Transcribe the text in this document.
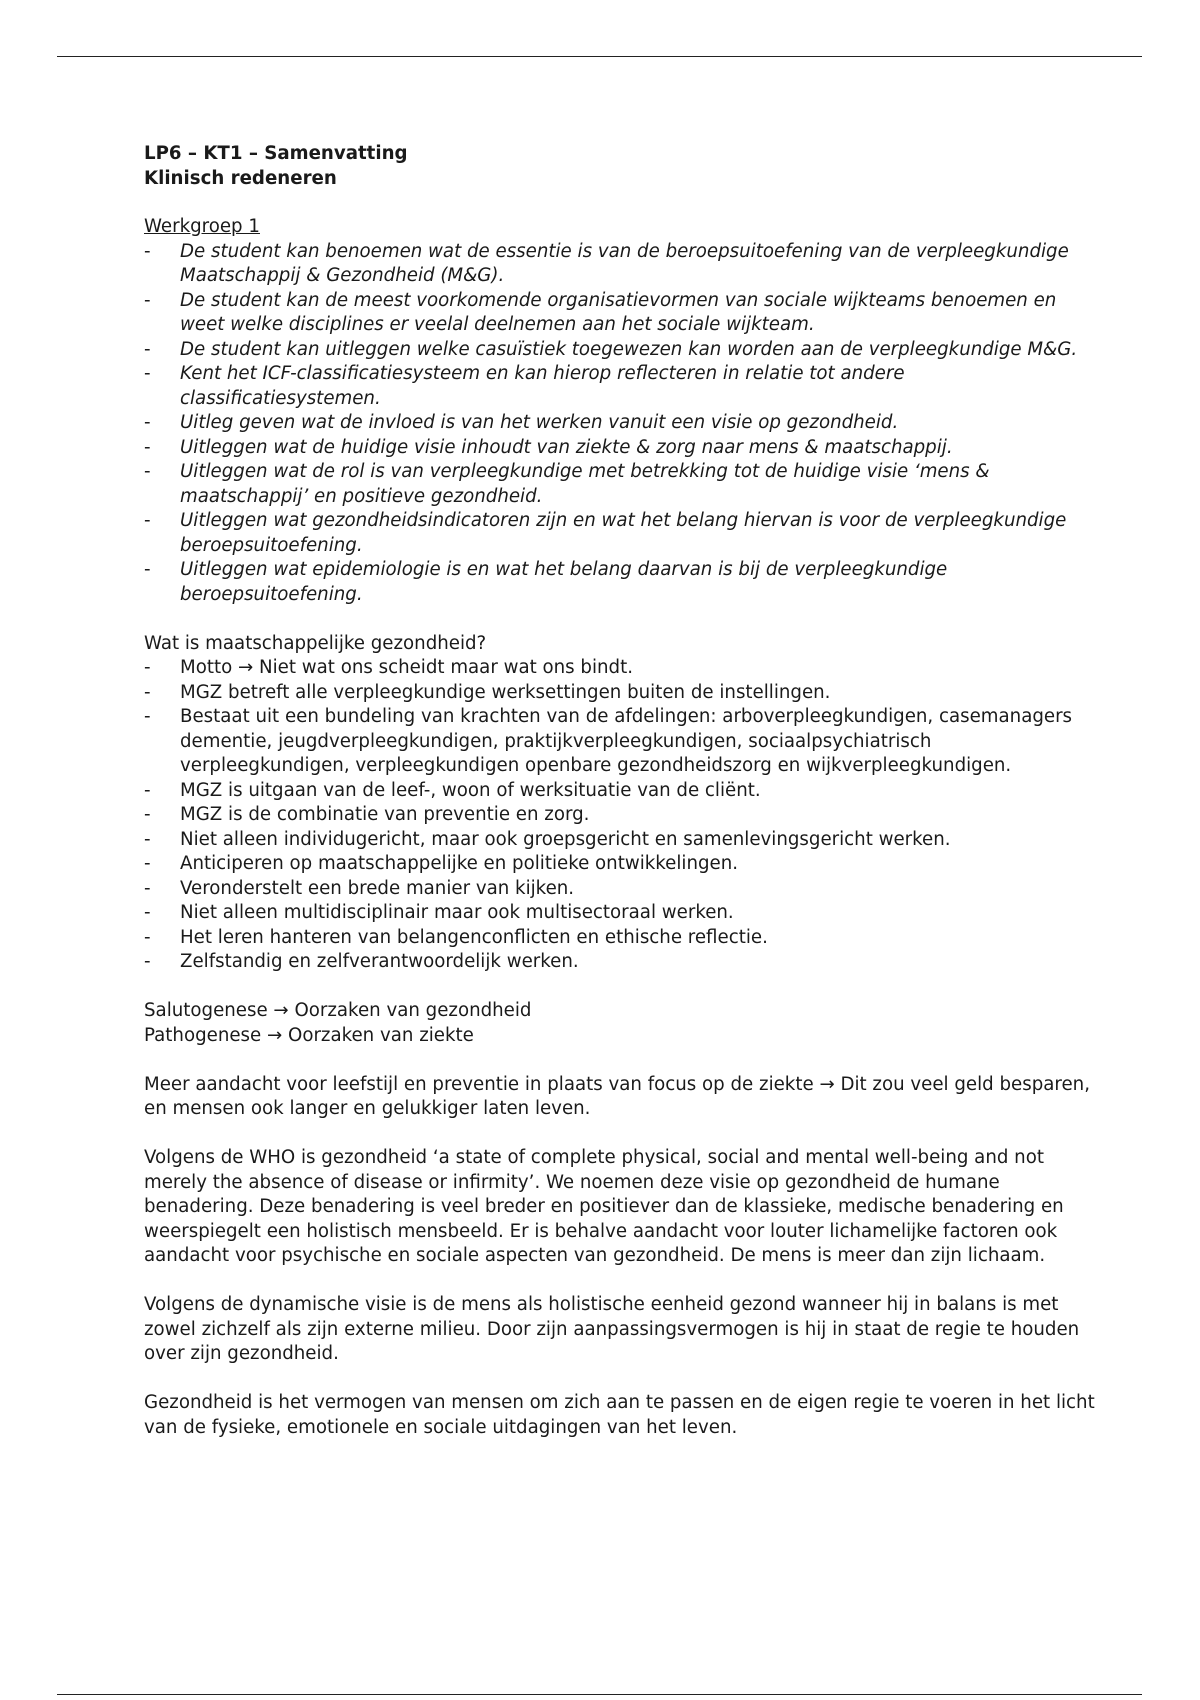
LP6 – KT1 – Samenvatting

Klinisch redeneren

Werkgroep 1

-	De student kan benoemen wat de essentie is van de beroepsuitoefening van de verpleegkundige Maatschappij & Gezondheid (M&G).
-	De student kan de meest voorkomende organisatievormen van sociale wijkteams benoemen en weet welke disciplines er veelal deelnemen aan het sociale wijkteam.
-	De student kan uitleggen welke casuïstiek toegewezen kan worden aan de verpleegkundige M&G.
-	Kent het ICF-classificatiesysteem en kan hierop reflecteren in relatie tot andere classificatiesystemen.
-	Uitleg geven wat de invloed is van het werken vanuit een visie op gezondheid.
-	Uitleggen wat de huidige visie inhoudt van ziekte & zorg naar mens & maatschappij.
-	Uitleggen wat de rol is van verpleegkundige met betrekking tot de huidige visie ‘mens & maatschappij’ en positieve gezondheid.
-	Uitleggen wat gezondheidsindicatoren zijn en wat het belang hiervan is voor de verpleegkundige beroepsuitoefening.
-	Uitleggen wat epidemiologie is en wat het belang daarvan is bij de verpleegkundige beroepsuitoefening.

Wat is maatschappelijke gezondheid?

-	Motto → Niet wat ons scheidt maar wat ons bindt.
-	MGZ betreft alle verpleegkundige werksettingen buiten de instellingen.
-	Bestaat uit een bundeling van krachten van de afdelingen: arboverpleegkundigen, casemanagers dementie, jeugdverpleegkundigen, praktijkverpleegkundigen, sociaalpsychiatrisch verpleegkundigen, verpleegkundigen openbare gezondheidszorg en wijkverpleegkundigen.
-	MGZ is uitgaan van de leef-, woon of werksituatie van de cliënt.
-	MGZ is de combinatie van preventie en zorg.
-	Niet alleen individugericht, maar ook groepsgericht en samenlevingsgericht werken.
-	Anticiperen op maatschappelijke en politieke ontwikkelingen.
-	Veronderstelt een brede manier van kijken.
-	Niet alleen multidisciplinair maar ook multisectoraal werken.
-	Het leren hanteren van belangenconflicten en ethische reflectie.
-	Zelfstandig en zelfverantwoordelijk werken.

Salutogenese → Oorzaken van gezondheid

Pathogenese → Oorzaken van ziekte

Meer aandacht voor leefstijl en preventie in plaats van focus op de ziekte → Dit zou veel geld besparen, en mensen ook langer en gelukkiger laten leven.

Volgens de WHO is gezondheid ‘a state of complete physical, social and mental well-being and not merely the absence of disease or infirmity’. We noemen deze visie op gezondheid de humane benadering. Deze benadering is veel breder en positiever dan de klassieke, medische benadering en weerspiegelt een holistisch mensbeeld. Er is behalve aandacht voor louter lichamelijke factoren ook aandacht voor psychische en sociale aspecten van gezondheid. De mens is meer dan zijn lichaam.

Volgens de dynamische visie is de mens als holistische eenheid gezond wanneer hij in balans is met zowel zichzelf als zijn externe milieu. Door zijn aanpassingsvermogen is hij in staat de regie te houden over zijn gezondheid.

Gezondheid is het vermogen van mensen om zich aan te passen en de eigen regie te voeren in het licht van de fysieke, emotionele en sociale uitdagingen van het leven.
